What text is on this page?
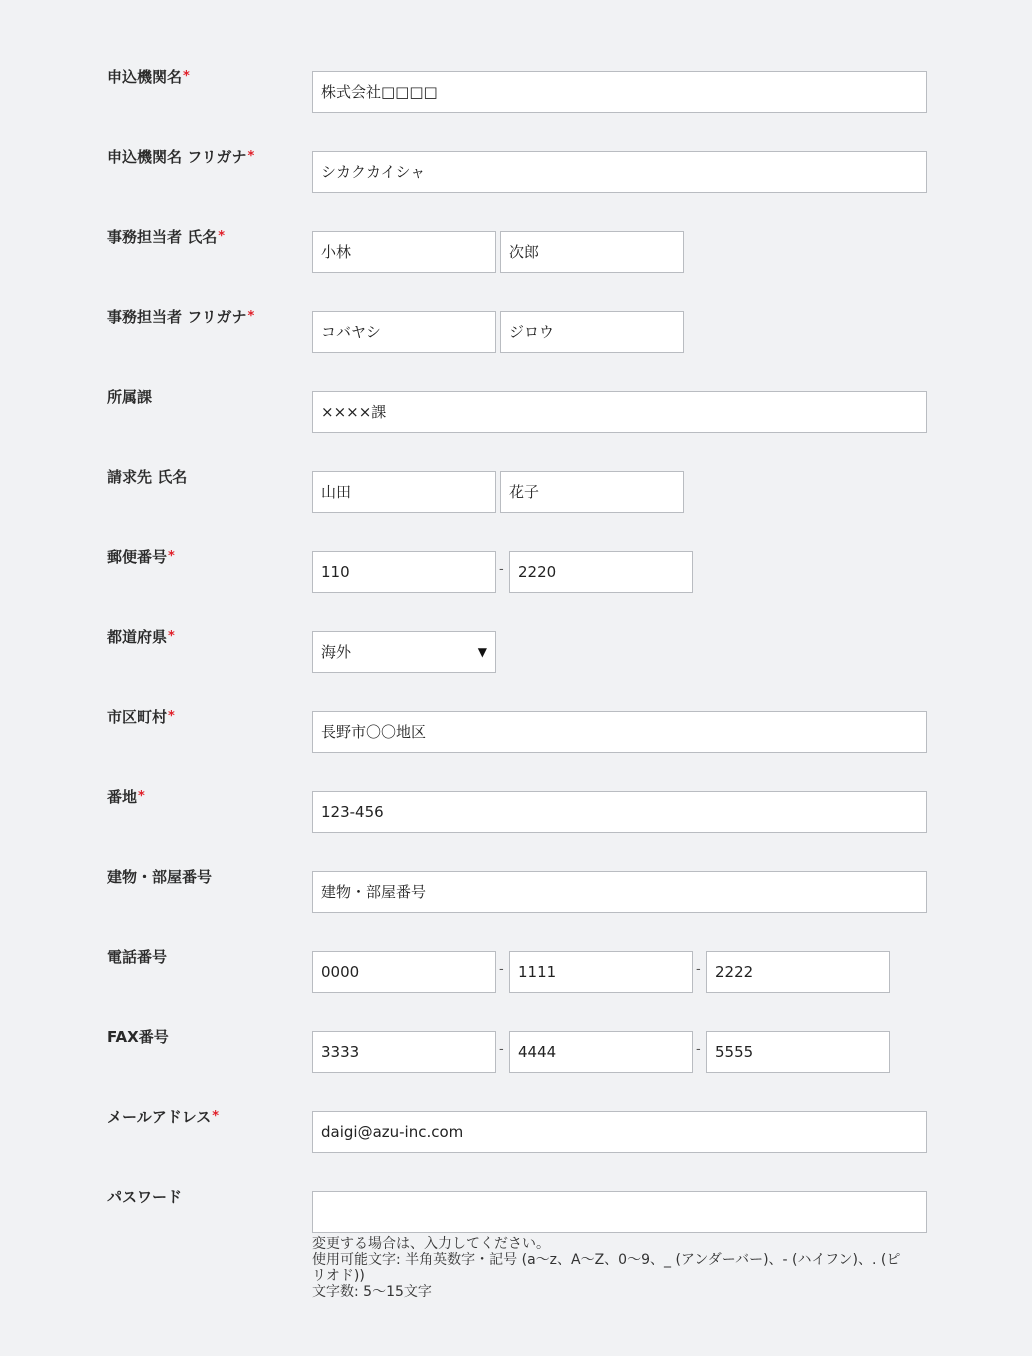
申込機関名*
株式会社□□□□
申込機関名 フリガナ*
シカクカイシャ
事務担当者 氏名*
小林	次郎
事務担当者 フリガナ*
コバヤシ	ジロウ
所属課
××××課
請求先 氏名
山田	花子
郵便番号*
110	- 2220
都道府県*
海外	▼
市区町村*
長野市〇〇地区
番地*
123-456
建物・部屋番号
建物・部屋番号
電話番号
0000	- 1111	- 2222
FAX番号
3333	- 4444	- 5555
メールアドレス*
daigi@azu-inc.com
パスワード
変更する場合は、入力してください。
使用可能文字: 半角英数字・記号 (a〜z、A〜Z、0〜9、_ (アンダーバー)、- (ハイフン)、. (ピリオド))
文字数: 5〜15文字
